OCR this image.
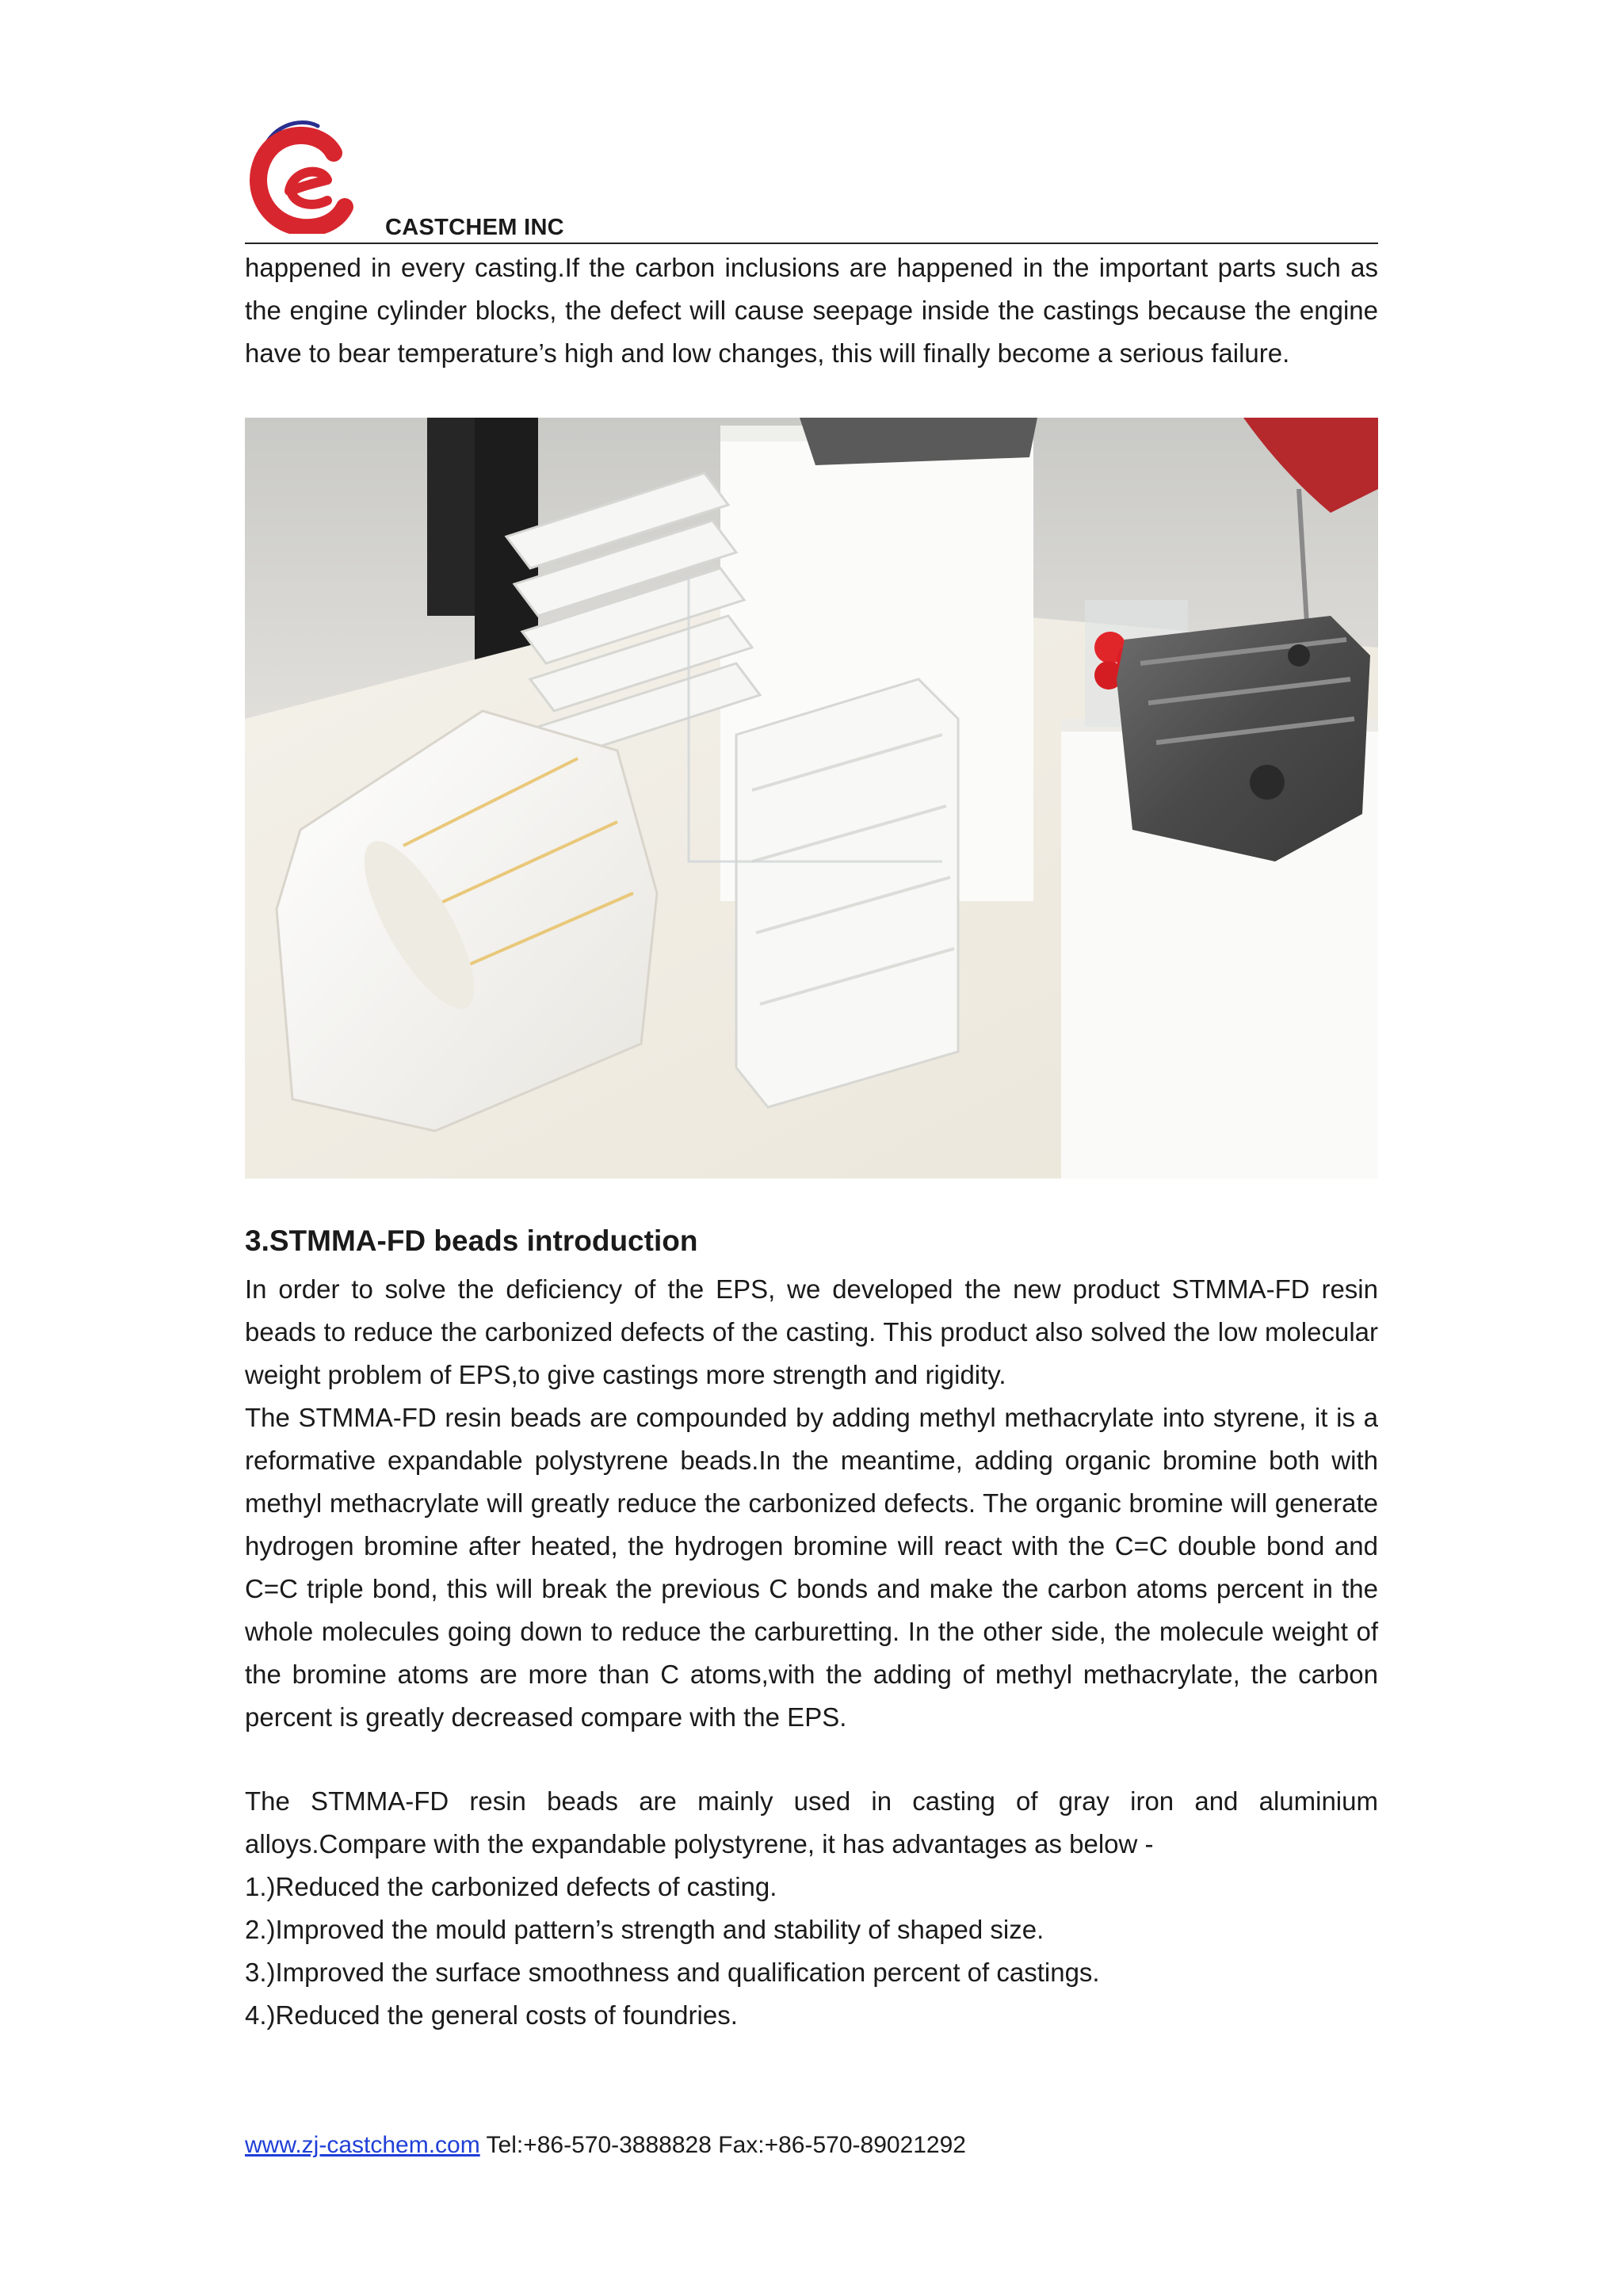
CASTCHEM INC

happened in every casting.If the carbon inclusions are happened in the important parts such as the engine cylinder blocks, the defect will cause seepage inside the castings because the engine have to bear temperature’s high and low changes, this will finally become a serious failure.

3.STMMA-FD beads introduction

In order to solve the deficiency of the EPS, we developed the new product STMMA-FD resin beads to reduce the carbonized defects of the casting. This product also solved the low molecular weight problem of EPS,to give castings more strength and rigidity.

The STMMA-FD resin beads are compounded by adding methyl methacrylate into styrene, it is a reformative expandable polystyrene beads.In the meantime, adding organic bromine both with methyl methacrylate will greatly reduce the carbonized defects. The organic bromine will generate hydrogen bromine after heated, the hydrogen bromine will react with the C=C double bond and C=C triple bond, this will break the previous C bonds and make the carbon atoms percent in the whole molecules going down to reduce the carburetting. In the other side, the molecule weight of the bromine atoms are more than C atoms,with the adding of methyl methacrylate, the carbon percent is greatly decreased compare with the EPS.

The STMMA-FD resin beads are mainly used in casting of gray iron and aluminium alloys.Compare with the expandable polystyrene, it has advantages as below -

1.)Reduced the carbonized defects of casting.
2.)Improved the mould pattern’s strength and stability of shaped size.
3.)Improved the surface smoothness and qualification percent of castings.
4.)Reduced the general costs of foundries.
www.zj-castchem.com Tel:+86-570-3888828 Fax:+86-570-89021292
